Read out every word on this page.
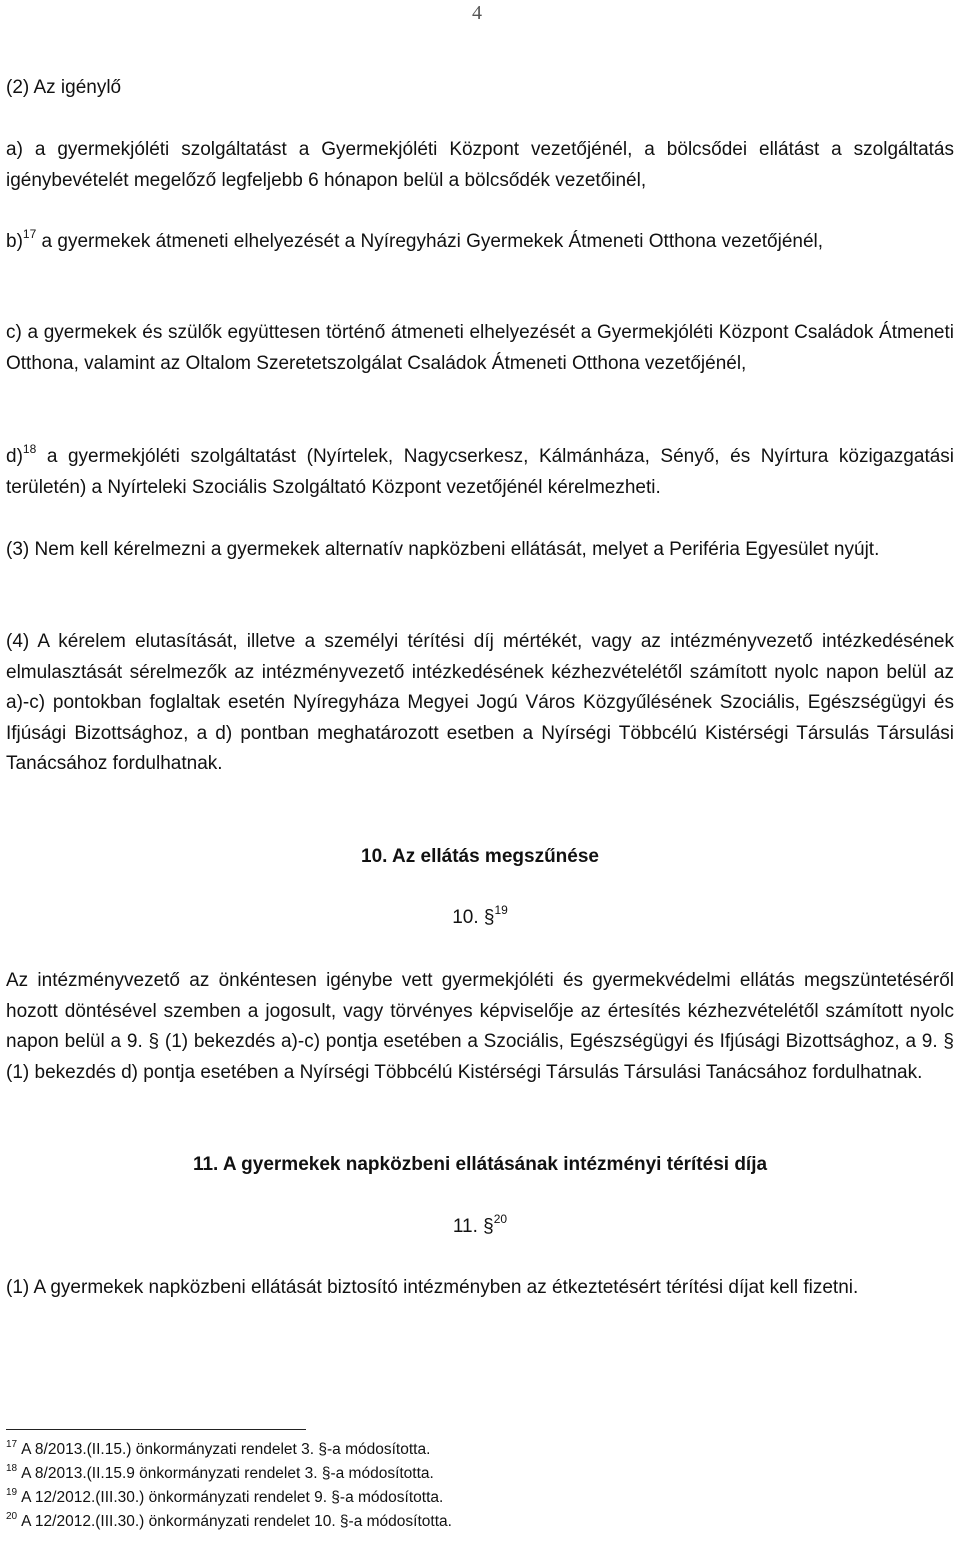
4

(2) Az igénylő

a) a gyermekjóléti szolgáltatást a Gyermekjóléti Központ vezetőjénél, a bölcsődei ellátást a szolgáltatás igénybevételét megelőző legfeljebb 6 hónapon belül a bölcsődék vezetőinél,

b)$^{17}$ a gyermekek átmeneti elhelyezését a Nyíregyházi Gyermekek Átmeneti Otthona vezetőjénél,

c) a gyermekek és szülők együttesen történő átmeneti elhelyezését a Gyermekjóléti Központ Családok Átmeneti Otthona, valamint az Oltalom Szeretetszolgálat Családok Átmeneti Otthona vezetőjénél,

d)$^{18}$ a gyermekjóléti szolgáltatást (Nyírtelek, Nagycserkesz, Kálmánháza, Sényő, és Nyírtura közigazgatási területén) a Nyírteleki Szociális Szolgáltató Központ vezetőjénél kérelmezheti.

(3) Nem kell kérelmezni a gyermekek alternatív napközbeni ellátását, melyet a Periféria Egyesület nyújt.

(4) A kérelem elutasítását, illetve a személyi térítési díj mértékét, vagy az intézményvezető intézkedésének elmulasztását sérelmezők az intézményvezető intézkedésének kézhezvételétől számított nyolc napon belül az a)-c) pontokban foglaltak esetén Nyíregyháza Megyei Jogú Város Közgyűlésének Szociális, Egészségügyi és Ifjúsági Bizottsághoz, a d) pontban meghatározott esetben a Nyírségi Többcélú Kistérségi Társulás Társulási Tanácsához fordulhatnak.

10. Az ellátás megszűnése

10. §$^{19}$

Az intézményvezető az önkéntesen igénybe vett gyermekjóléti és gyermekvédelmi ellátás megszüntetéséről hozott döntésével szemben a jogosult, vagy törvényes képviselője az értesítés kézhezvételétől számított nyolc napon belül a 9. § (1) bekezdés a)-c) pontja esetében a Szociális, Egészségügyi és Ifjúsági Bizottsághoz, a 9. § (1) bekezdés d) pontja esetében a Nyírségi Többcélú Kistérségi Társulás Társulási Tanácsához fordulhatnak.

11. A gyermekek napközbeni ellátásának intézményi térítési díja

11. §$^{20}$

(1) A gyermekek napközbeni ellátását biztosító intézményben az étkeztetésért térítési díjat kell fizetni.

$^{17}$ A 8/2013.(II.15.) önkormányzati rendelet 3. §-a módosította.

$^{18}$ A 8/2013.(II.15.9 önkormányzati rendelet 3. §-a módosította.

$^{19}$ A 12/2012.(III.30.) önkormányzati rendelet 9. §-a módosította.

$^{20}$ A 12/2012.(III.30.) önkormányzati rendelet 10. §-a módosította.
